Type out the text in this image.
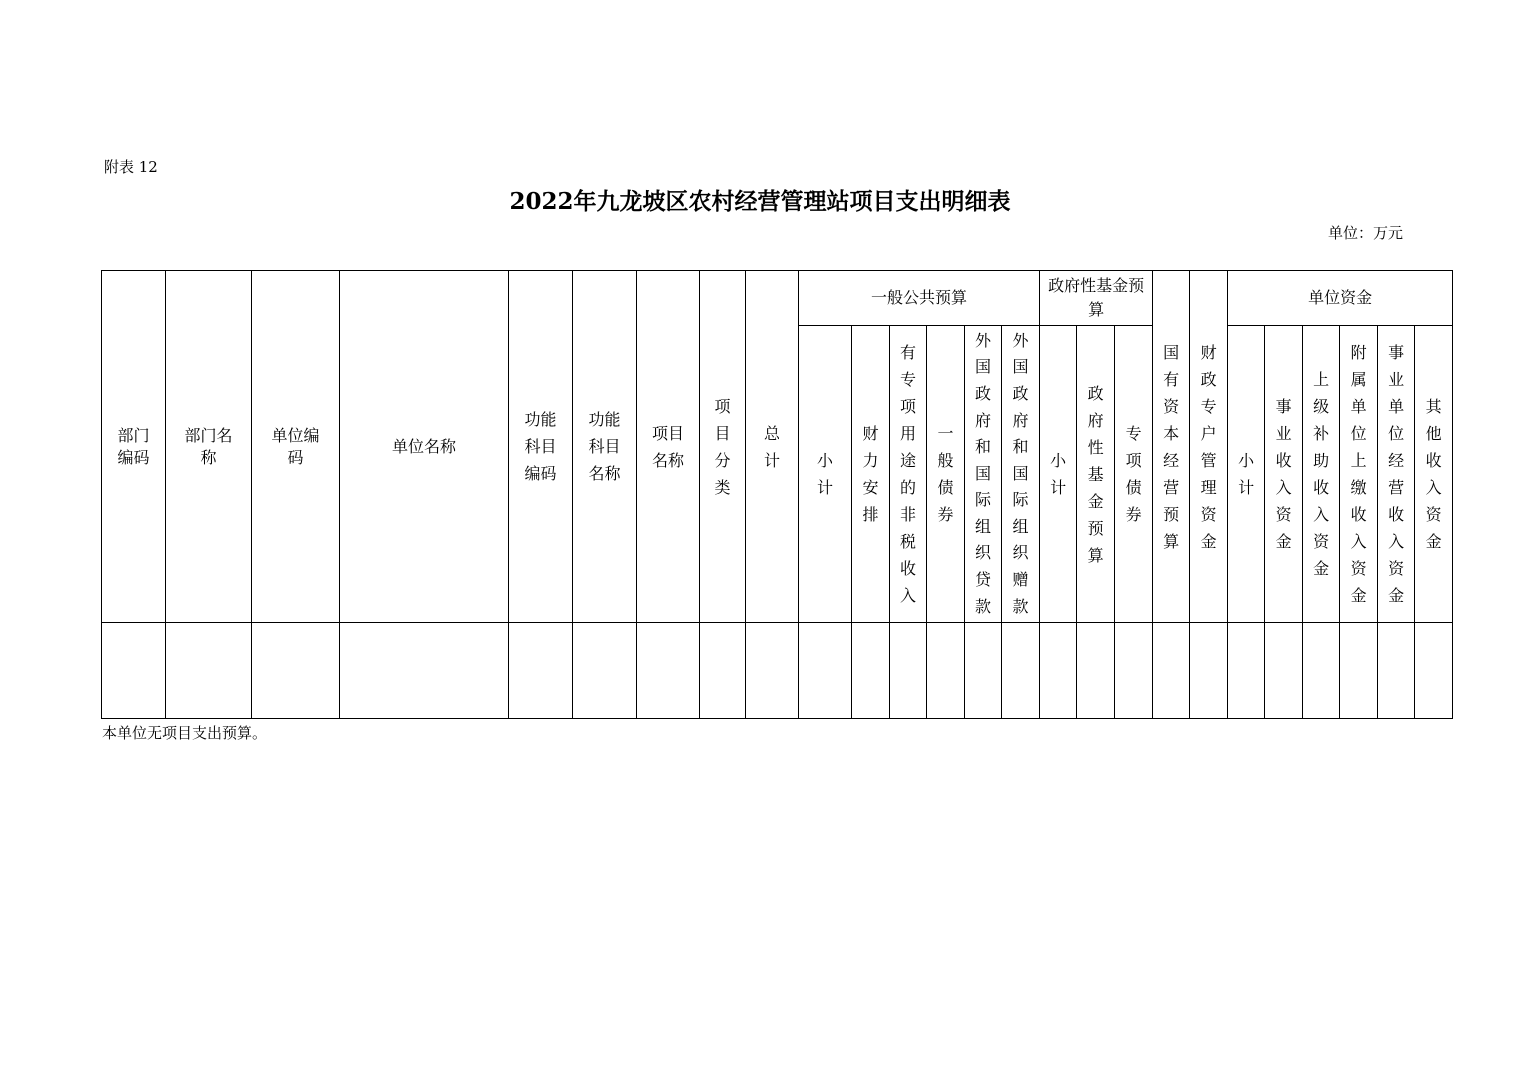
附表 12
2022年九龙坡区农村经营管理站项目支出明细表
单位：万元
部门编码	部门名称	单位编码	单位名称	功能科目编码	功能科目名称	项目名称	项目分类	总计	一般公共预算						政府性基金预算			国有资本经营预算	财政专户管理资金	单位资金					
									小计	财力安排	有专项用途的非税收入	一般债券	外国政府和国际组织贷款	外国政府和国际组织赠款	小计	政府性基金预算	专项债券			小计	事业收入资金	上级补助收入资金	附属单位上缴收入资金	事业单位经营收入资金	其他收入资金

本单位无项目支出预算。
